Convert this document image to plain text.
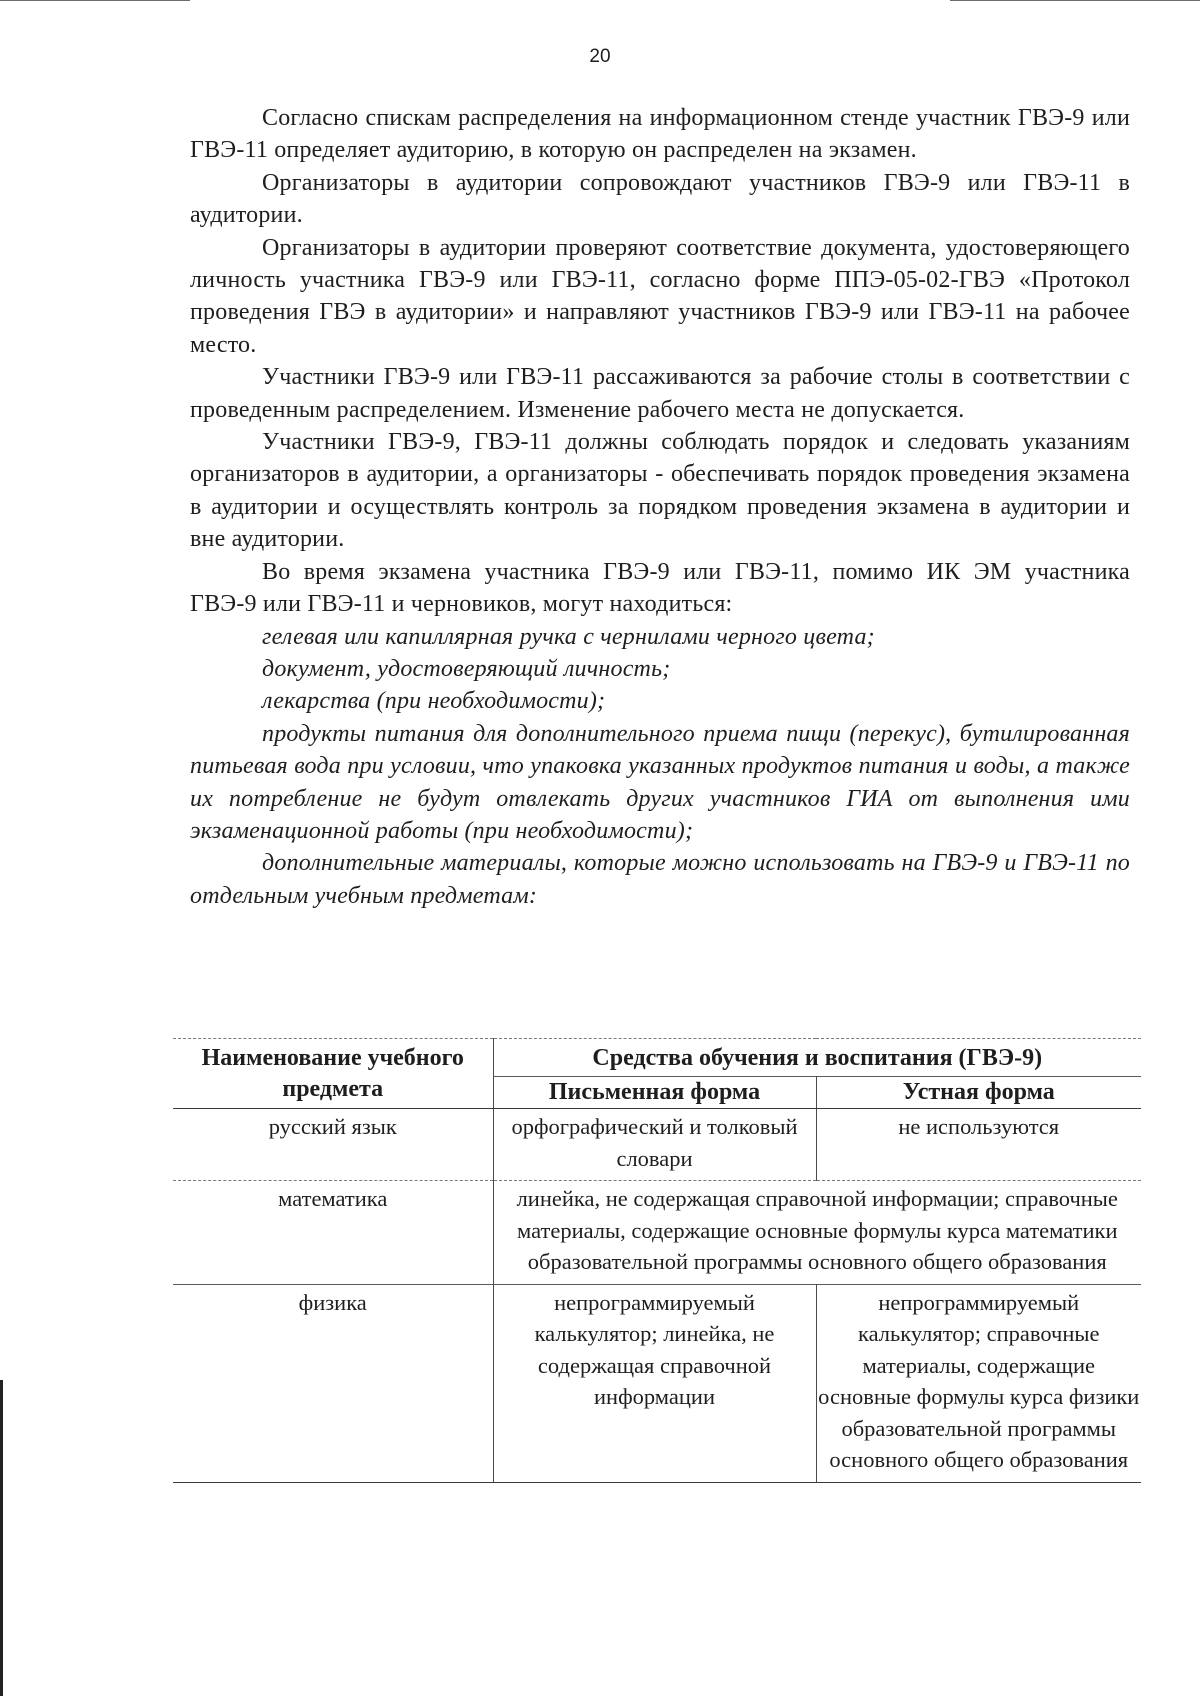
20

Согласно спискам распределения на информационном стенде участник ГВЭ-9 или ГВЭ-11 определяет аудиторию, в которую он распределен на экзамен.

Организаторы в аудитории сопровождают участников ГВЭ-9 или ГВЭ-11 в аудитории.

Организаторы в аудитории проверяют соответствие документа, удостоверяющего личность участника ГВЭ-9 или ГВЭ-11, согласно форме ППЭ-05-02-ГВЭ «Протокол проведения ГВЭ в аудитории» и направляют участников ГВЭ-9 или ГВЭ-11 на рабочее место.

Участники ГВЭ-9 или ГВЭ-11 рассаживаются за рабочие столы в соответствии с проведенным распределением. Изменение рабочего места не допускается.

Участники ГВЭ-9, ГВЭ-11 должны соблюдать порядок и следовать указаниям организаторов в аудитории, а организаторы - обеспечивать порядок проведения экзамена в аудитории и осуществлять контроль за порядком проведения экзамена в аудитории и вне аудитории.

Во время экзамена участника ГВЭ-9 или ГВЭ-11, помимо ИК ЭМ участника ГВЭ-9 или ГВЭ-11 и черновиков, могут находиться:

гелевая или капиллярная ручка с чернилами черного цвета;

документ, удостоверяющий личность;

лекарства (при необходимости);

продукты питания для дополнительного приема пищи (перекус), бутилированная питьевая вода при условии, что упаковка указанных продуктов питания и воды, а также их потребление не будут отвлекать других участников ГИА от выполнения ими экзаменационной работы (при необходимости);

дополнительные материалы, которые можно использовать на ГВЭ-9 и ГВЭ-11 по отдельным учебным предметам:

Наименование учебного предмета	Средства обучения и воспитания (ГВЭ-9)	
	Письменная форма	Устная форма
русский язык	орфографический и толковый словари	не используются
математика	линейка, не содержащая справочной информации; справочные материалы, содержащие основные формулы курса математики образовательной программы основного общего образования	
физика	непрограммируемый калькулятор; линейка, не содержащая справочной информации	непрограммируемый калькулятор; справочные материалы, содержащие основные формулы курса физики образовательной программы основного общего образования
